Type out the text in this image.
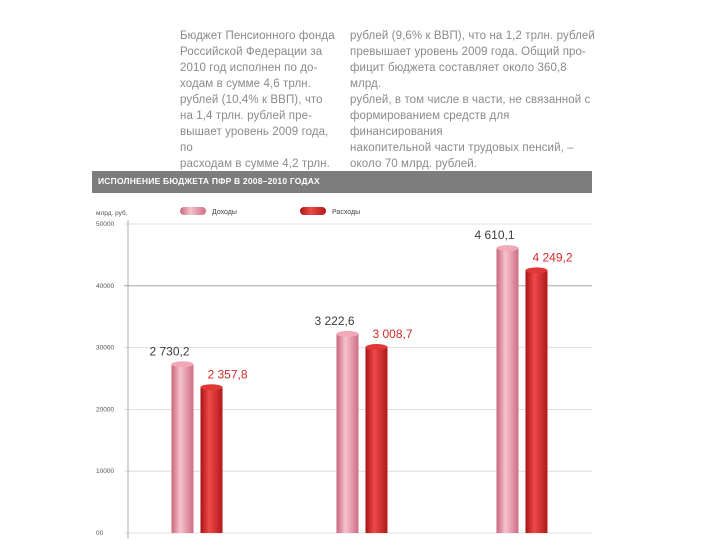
Бюджет Пенсионного фонда
Российской Федерации за
2010 год исполнен по до-
ходам в сумме 4,6 трлн.
рублей (10,4% к ВВП), что
на 1,4 трлн. рублей пре-
вышает уровень 2009 года, по
расходам в сумме 4,2 трлн.
рублей (9,6% к ВВП), что на 1,2 трлн. рублей
превышает уровень 2009 года. Общий про-
фицит бюджета составляет около 360,8 млрд.
рублей, в том числе в части, не связанной с
формированием средств для финансирования
накопительной части трудовых пенсий, –
около 70 млрд. рублей.
ИСПОЛНЕНИЕ БЮДЖЕТА ПФР В 2008–2010 ГОДАХ
00
10000
20000
30000
40000
50000
млрд. руб.	Доходы	Расходы
2 730,2
3 222,6
4 610,1
2 357,8
3 008,7
4 249,2
